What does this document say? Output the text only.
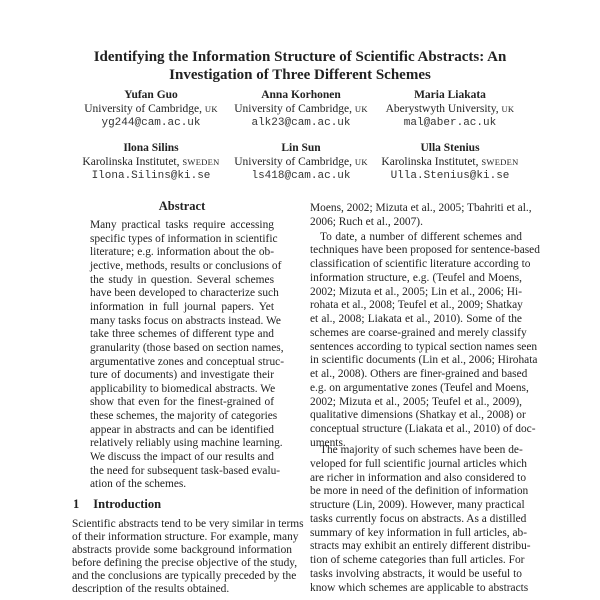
Identifying the Information Structure of Scientific Abstracts: An
Investigation of Three Different Schemes
Yufan Guo
University of Cambridge, UK
yg244@cam.ac.uk
Anna Korhonen
University of Cambridge, UK
alk23@cam.ac.uk
Maria Liakata
Aberystwyth University, UK
mal@aber.ac.uk
Ilona Silins
Karolinska Institutet, SWEDEN
Ilona.Silins@ki.se
Lin Sun
University of Cambridge, UK
ls418@cam.ac.uk
Ulla Stenius
Karolinska Institutet, SWEDEN
Ulla.Stenius@ki.se
Abstract
Many practical tasks require accessing
specific types of information in scientific
literature; e.g. information about the ob-
jective, methods, results or conclusions of
the study in question. Several schemes
have been developed to characterize such
information in full journal papers. Yet
many tasks focus on abstracts instead. We
take three schemes of different type and
granularity (those based on section names,
argumentative zones and conceptual struc-
ture of documents) and investigate their
applicability to biomedical abstracts. We
show that even for the finest-grained of
these schemes, the majority of categories
appear in abstracts and can be identified
relatively reliably using machine learning.
We discuss the impact of our results and
the need for subsequent task-based evalu-
ation of the schemes.
1 Introduction
Scientific abstracts tend to be very similar in terms
of their information structure. For example, many
abstracts provide some background information
before defining the precise objective of the study,
and the conclusions are typically preceded by the
description of the results obtained.
Moens, 2002; Mizuta et al., 2005; Tbahriti et al.,
2006; Ruch et al., 2007).
To date, a number of different schemes and
techniques have been proposed for sentence-based
classification of scientific literature according to
information structure, e.g. (Teufel and Moens,
2002; Mizuta et al., 2005; Lin et al., 2006; Hi-
rohata et al., 2008; Teufel et al., 2009; Shatkay
et al., 2008; Liakata et al., 2010). Some of the
schemes are coarse-grained and merely classify
sentences according to typical section names seen
in scientific documents (Lin et al., 2006; Hirohata
et al., 2008). Others are finer-grained and based
e.g. on argumentative zones (Teufel and Moens,
2002; Mizuta et al., 2005; Teufel et al., 2009),
qualitative dimensions (Shatkay et al., 2008) or
conceptual structure (Liakata et al., 2010) of doc-
uments.
The majority of such schemes have been de-
veloped for full scientific journal articles which
are richer in information and also considered to
be more in need of the definition of information
structure (Lin, 2009). However, many practical
tasks currently focus on abstracts. As a distilled
summary of key information in full articles, ab-
stracts may exhibit an entirely different distribu-
tion of scheme categories than full articles. For
tasks involving abstracts, it would be useful to
know which schemes are applicable to abstracts
